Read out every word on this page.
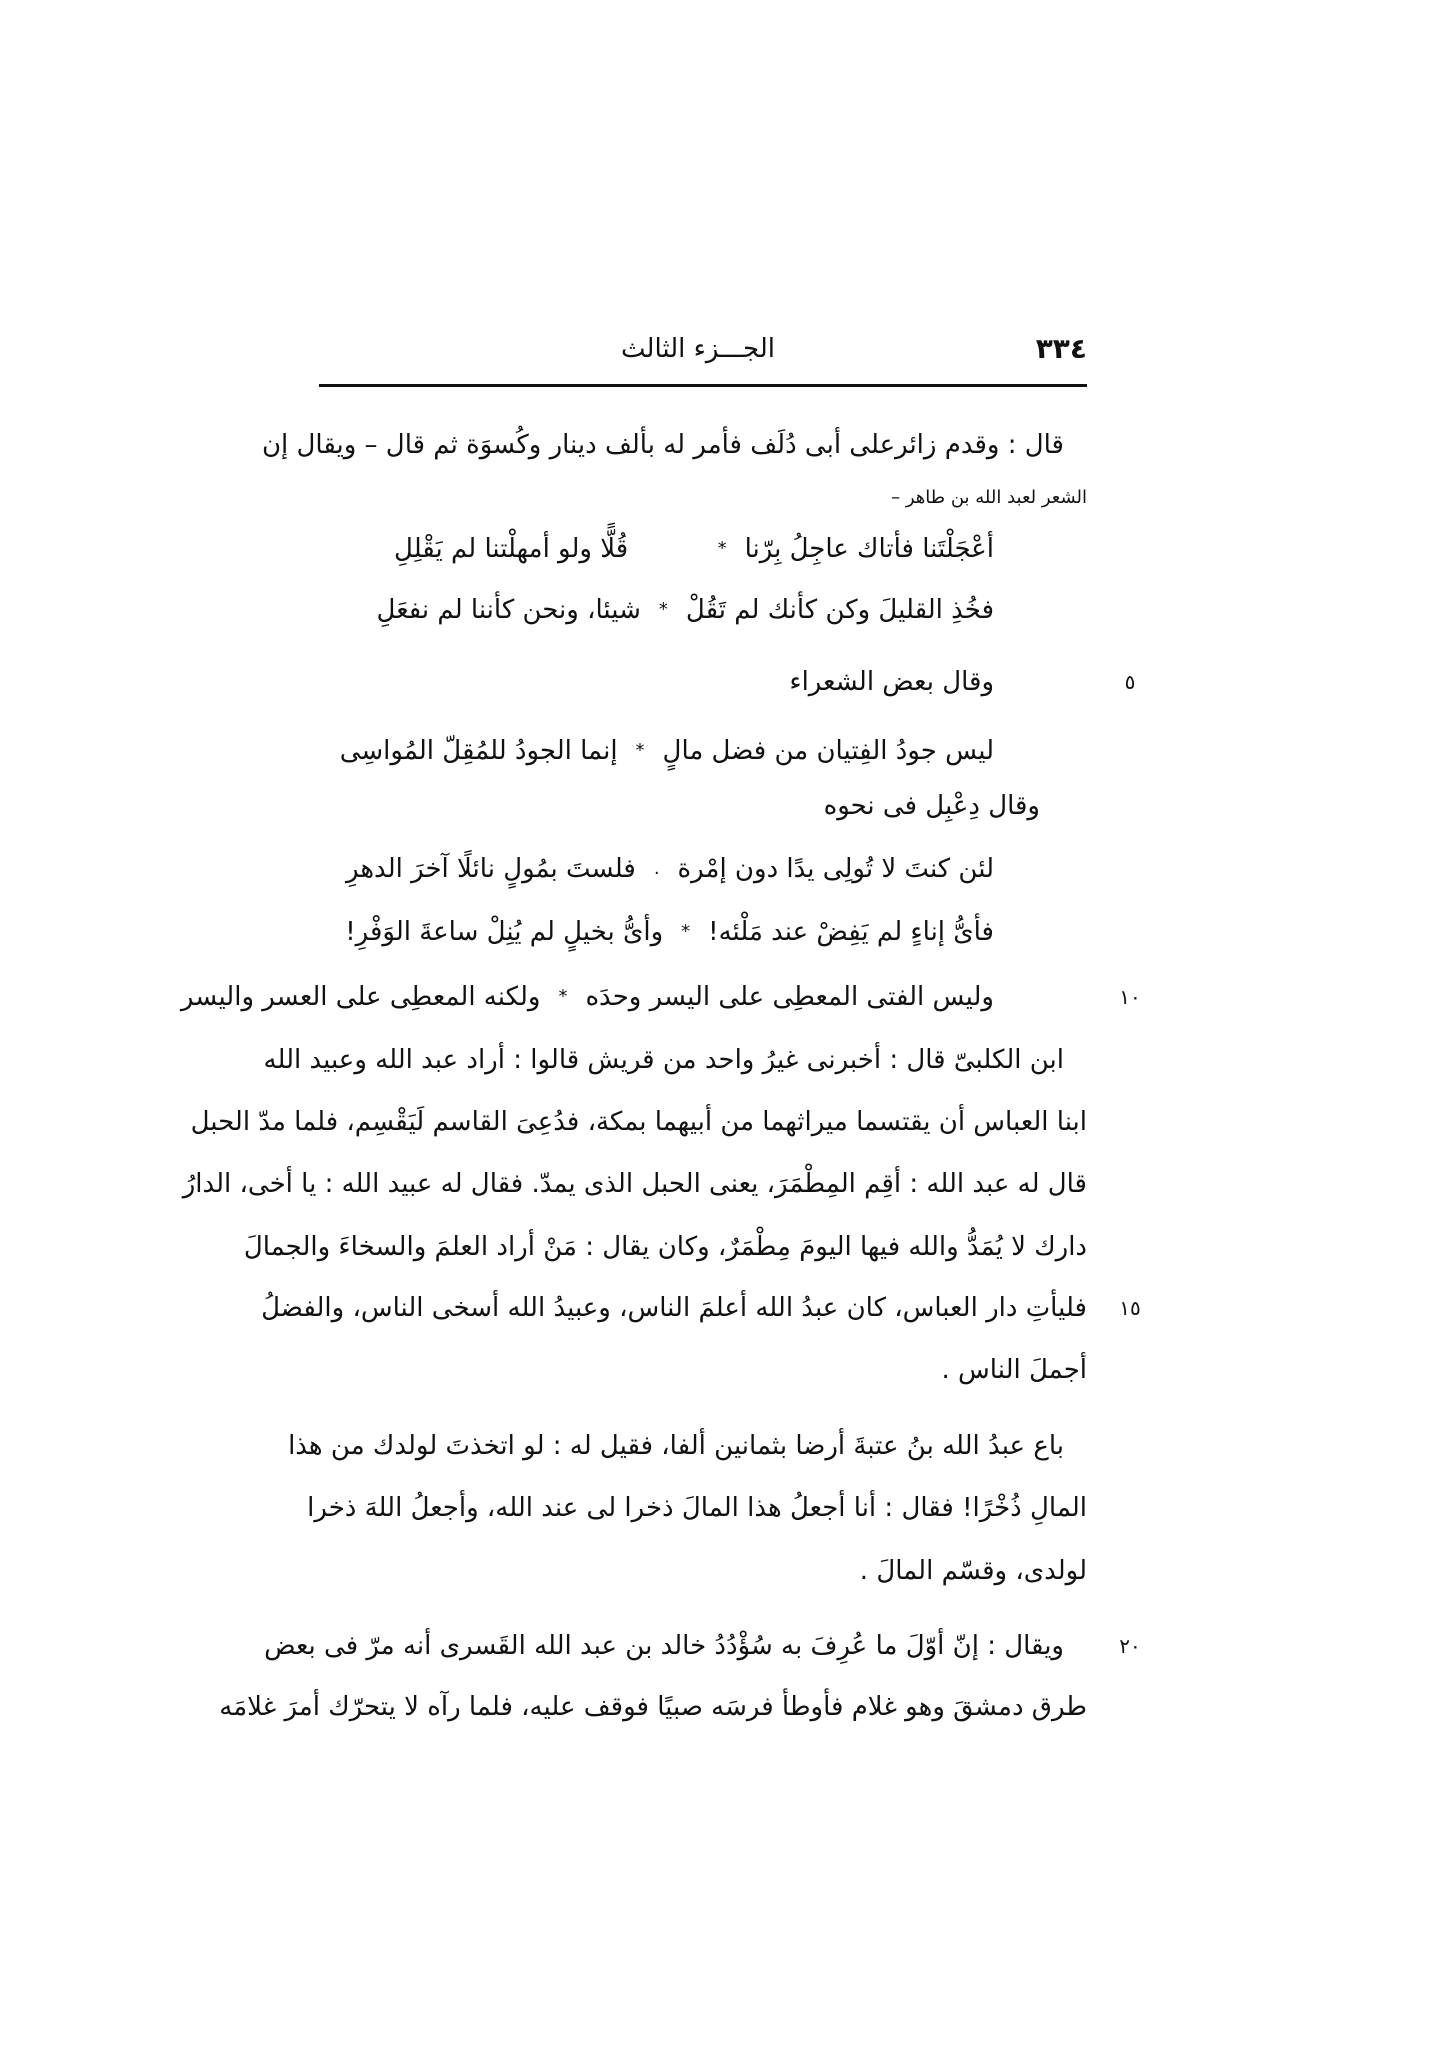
٣٣٤
الجـــزء الثالث
قال : وقدم زائرعلى أبى دُلَف فأمر له بألف دينار وكُسوَة ثم قال – ويقال إن
الشعر لعبد الله بن طاهر –
أعْجَلْتَنا فأتاك عاجِلُ بِرّنا
*
قُلًّا ولو أمهلْتنا لم يَقْلِلِ
فخُذِ القليلَ وكن كأنك لم تَقُلْ
*
شيئا، ونحن كأننا لم نفعَلِ
وقال بعض الشعراء	٥
ليس جودُ الفِتيان من فضل مالٍ
*
إنما الجودُ للمُقِلّ المُواسِى
وقال دِعْبِل فى نحوه
لئن كنتَ لا تُولِى يدًا دون إمْرة
.
فلستَ بمُولٍ نائلًا آخرَ الدهرِ
فأىُّ إناءٍ لم يَفِضْ عند مَلْئه!
*
وأىُّ بخيلٍ لم يُنِلْ ساعةَ الوَفْرِ!
وليس الفتى المعطِى على اليسر وحدَه
*
ولكنه المعطِى على العسر واليسر	١٠
ابن الكلبىّ قال : أخبرنى غيرُ واحد من قريش قالوا : أراد عبد الله وعبيد الله
ابنا العباس أن يقتسما ميراثهما من أبيهما بمكة، فدُعِىَ القاسم لَيَقْسِم، فلما مدّ الحبل
قال له عبد الله : أقِم المِطْمَرَ، يعنى الحبل الذى يمدّ. فقال له عبيد الله : يا أخى، الدارُ
دارك لا يُمَدُّ والله فيها اليومَ مِطْمَرٌ، وكان يقال : مَنْ أراد العلمَ والسخاءَ والجمالَ
فليأتِ دار العباس، كان عبدُ الله أعلمَ الناس، وعبيدُ الله أسخى الناس، والفضلُ	١٥
أجملَ الناس .
باع عبدُ الله بنُ عتبةَ أرضا بثمانين ألفا، فقيل له : لو اتخذتَ لولدك من هذا
المالِ ذُخْرًا! فقال : أنا أجعلُ هذا المالَ ذخرا لى عند الله، وأجعلُ اللهَ ذخرا
لولدى، وقسّم المالَ .
ويقال : إنّ أوّلَ ما عُرِفَ به سُؤْدُدُ خالد بن عبد الله القَسرى أنه مرّ فى بعض	٢٠
طرق دمشقَ وهو غلام فأوطأ فرسَه صبيًا فوقف عليه، فلما رآه لا يتحرّك أمرَ غلامَه
